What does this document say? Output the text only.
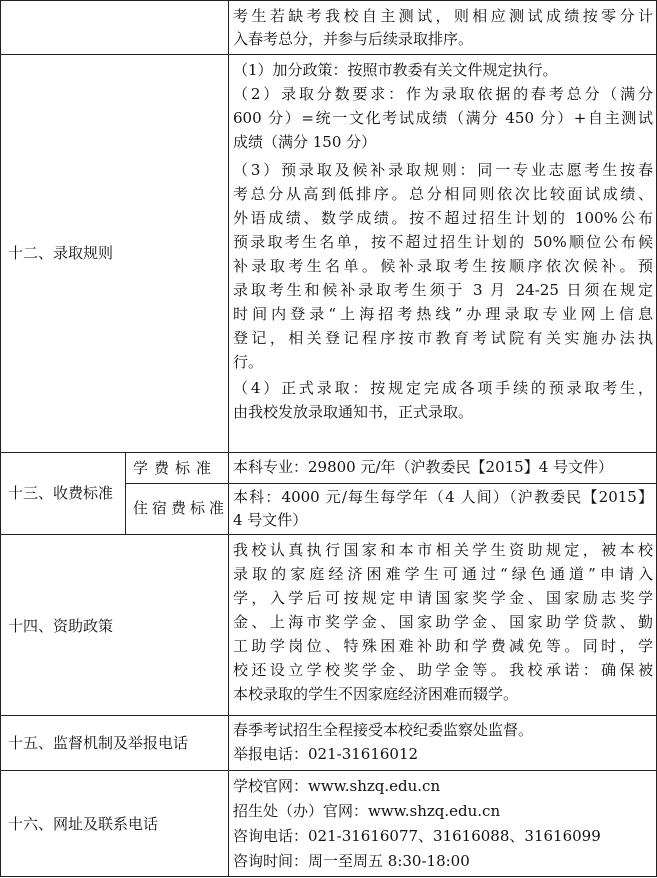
考生若缺考我校自主测试，则相应测试成绩按零分计
入春考总分，并参与后续录取排序。
十二、录取规则
（1）加分政策：按照市教委有关文件规定执行。
（2）录取分数要求：作为录取依据的春考总分（满分
600 分）=统一文化考试成绩（满分 450 分）+自主测试
成绩（满分 150 分）
（3）预录取及候补录取规则：同一专业志愿考生按春
考总分从高到低排序。总分相同则依次比较面试成绩、
外语成绩、数学成绩。按不超过招生计划的 100%公布
预录取考生名单，按不超过招生计划的 50%顺位公布候
补录取考生名单。候补录取考生按顺序依次候补。预
录取考生和候补录取考生须于 3 月 24-25 日须在规定
时间内登录“上海招考热线”办理录取专业网上信息
登记，相关登记程序按市教育考试院有关实施办法执
行。
（4）正式录取：按规定完成各项手续的预录取考生，
由我校发放录取通知书，正式录取。
十三、收费标准
学费标准 本科专业：29800 元/年（沪教委民【2015】4 号文件）
住宿费标准
本科：4000 元/每生每学年（4 人间）（沪教委民【2015】
4 号文件）
十四、资助政策
我校认真执行国家和本市相关学生资助规定，被本校
录取的家庭经济困难学生可通过“绿色通道”申请入
学，入学后可按规定申请国家奖学金、国家励志奖学
金、上海市奖学金、国家助学金、国家助学贷款、勤
工助学岗位、特殊困难补助和学费减免等。同时，学
校还设立学校奖学金、助学金等。我校承诺：确保被
本校录取的学生不因家庭经济困难而辍学。
十五、监督机制及举报电话
春季考试招生全程接受本校纪委监察处监督。
举报电话：021-31616012
十六、网址及联系电话
学校官网：www.shzq.edu.cn
招生处（办）官网：www.shzq.edu.cn
咨询电话：021-31616077、31616088、31616099
咨询时间：周一至周五 8:30-18:00
